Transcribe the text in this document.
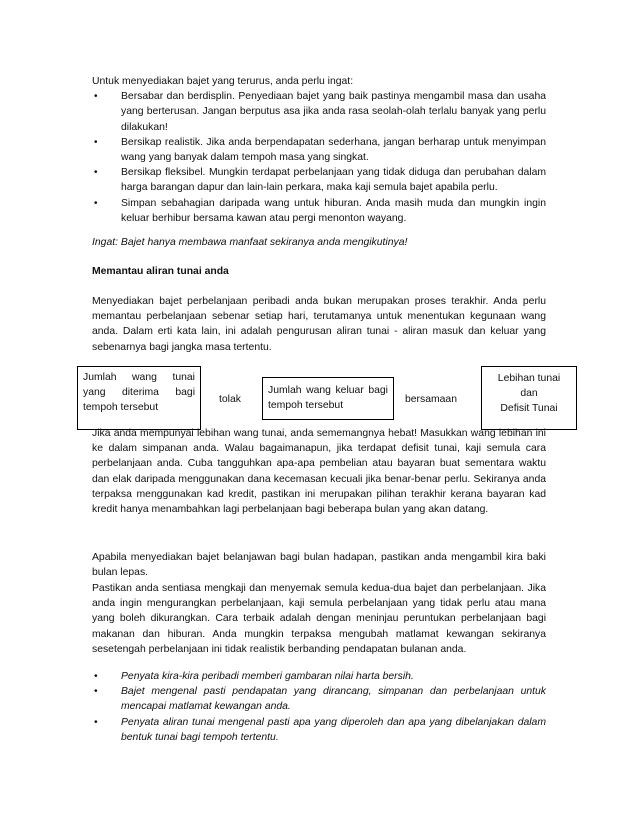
Untuk menyediakan bajet yang terurus, anda perlu ingat:
• Bersabar dan berdisplin. Penyediaan bajet yang baik pastinya mengambil masa dan usaha yang berterusan. Jangan berputus asa jika anda rasa seolah-olah terlalu banyak yang perlu dilakukan!
• Bersikap realistik. Jika anda berpendapatan sederhana, jangan berharap untuk menyimpan wang yang banyak dalam tempoh masa yang singkat.
• Bersikap fleksibel. Mungkin terdapat perbelanjaan yang tidak diduga dan perubahan dalam harga barangan dapur dan lain-lain perkara, maka kaji semula bajet apabila perlu.
• Simpan sebahagian daripada wang untuk hiburan. Anda masih muda dan mungkin ingin keluar berhibur bersama kawan atau pergi menonton wayang.
Ingat: Bajet hanya membawa manfaat sekiranya anda mengikutinya!
Memantau aliran tunai anda
Menyediakan bajet perbelanjaan peribadi anda bukan merupakan proses terakhir. Anda perlu memantau perbelanjaan sebenar setiap hari, terutamanya untuk menentukan kegunaan wang anda. Dalam erti kata lain, ini adalah pengurusan aliran tunai - aliran masuk dan keluar yang sebenarnya bagi jangka masa tertentu.
Jumlah wang tunai yang diterima bagi tempoh tersebut
tolak
Jumlah wang keluar bagi tempoh tersebut
bersamaan
Lebihan tunai
dan
Defisit Tunai
Jika anda mempunyai lebihan wang tunai, anda sememangnya hebat! Masukkan wang lebihan ini ke dalam simpanan anda. Walau bagaimanapun, jika terdapat defisit tunai, kaji semula cara perbelanjaan anda. Cuba tangguhkan apa-apa pembelian atau bayaran buat sementara waktu dan elak daripada menggunakan dana kecemasan kecuali jika benar-benar perlu. Sekiranya anda terpaksa menggunakan kad kredit, pastikan ini merupakan pilihan terakhir kerana bayaran kad kredit hanya menambahkan lagi perbelanjaan bagi beberapa bulan yang akan datang.
Apabila menyediakan bajet belanjawan bagi bulan hadapan, pastikan anda mengambil kira baki bulan lepas.
Pastikan anda sentiasa mengkaji dan menyemak semula kedua-dua bajet dan perbelanjaan. Jika anda ingin mengurangkan perbelanjaan, kaji semula perbelanjaan yang tidak perlu atau mana yang boleh dikurangkan. Cara terbaik adalah dengan meninjau peruntukan perbelanjaan bagi makanan dan hiburan. Anda mungkin terpaksa mengubah matlamat kewangan sekiranya sesetengah perbelanjaan ini tidak realistik berbanding pendapatan bulanan anda.
• Penyata kira-kira peribadi memberi gambaran nilai harta bersih.
• Bajet mengenal pasti pendapatan yang dirancang, simpanan dan perbelanjaan untuk mencapai matlamat kewangan anda.
• Penyata aliran tunai mengenal pasti apa yang diperoleh dan apa yang dibelanjakan dalam bentuk tunai bagi tempoh tertentu.
